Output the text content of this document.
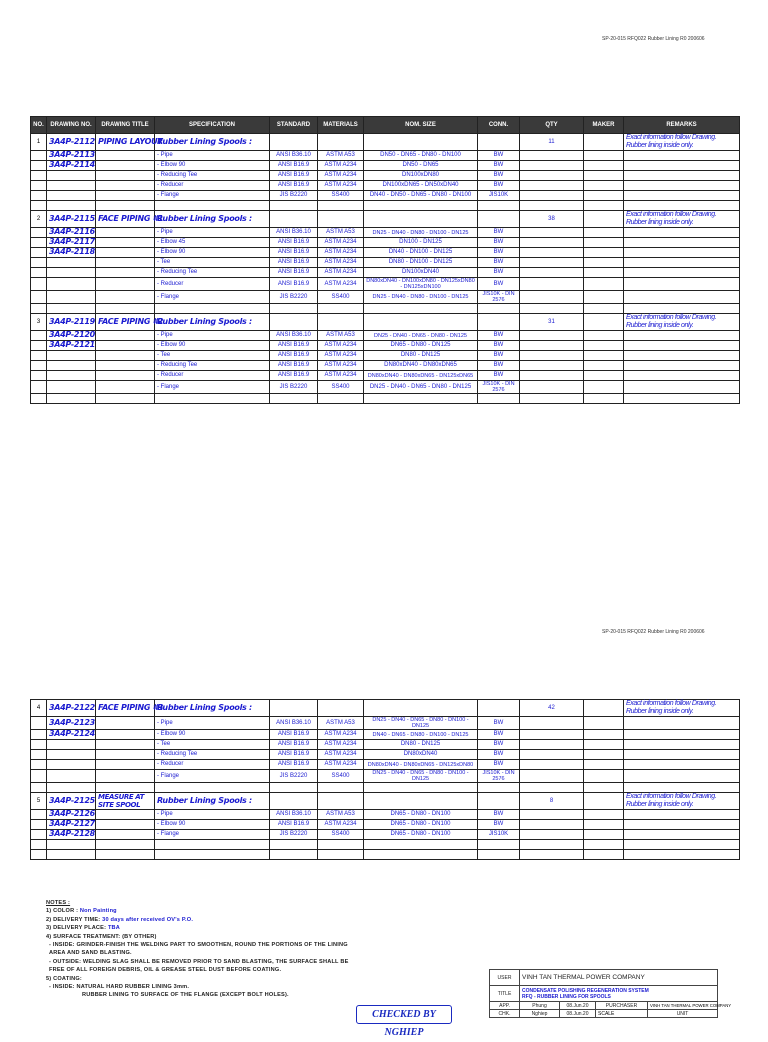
SP-20-015 RFQ022 Rubber Lining R0 200606
SP-20-015 RFQ022 Rubber Lining R0 200606
NO.	DRAWING NO.	DRAWING TITLE	SPECIFICATION	STANDARD	MATERIALS	NOM. SIZE	CONN.	QTY	MAKER	REMARKS
1	3A4P-2112	PIPING LAYOUT	Rubber Lining Spools :					11		Exact information follow Drawing. Rubber lining inside only.
	3A4P-2113		- Pipe	ANSI B36.10	ASTM A53	DN50 - DN65 - DN80 - DN100	BW			
	3A4P-2114		- Elbow 90	ANSI B16.9	ASTM A234	DN50 - DN65	BW			
			- Reducing Tee	ANSI B16.9	ASTM A234	DN100xDN80	BW			
			- Reducer	ANSI B16.9	ASTM A234	DN100xDN65 - DN50xDN40	BW			
			- Flange	JIS B2220	SS400	DN40 - DN50 - DN65 - DN80 - DN100	JIS10K			

2	3A4P-2115	FACE PIPING #1	Rubber Lining Spools :					38		Exact information follow Drawing. Rubber lining inside only.
	3A4P-2116		- Pipe	ANSI B36.10	ASTM A53	DN25 - DN40 - DN80 - DN100 - DN125	BW			
	3A4P-2117		- Elbow 45	ANSI B16.9	ASTM A234	DN100 - DN125	BW			
	3A4P-2118		- Elbow 90	ANSI B16.9	ASTM A234	DN40 - DN100 - DN125	BW			
			- Tee	ANSI B16.9	ASTM A234	DN80 - DN100 - DN125	BW			
			- Reducing Tee	ANSI B16.9	ASTM A234	DN100xDN40	BW			
			- Reducer	ANSI B16.9	ASTM A234	DN80xDN40 - DN100xDN80 - DN125xDN80 - DN125xDN100	BW			
			- Flange	JIS B2220	SS400	DN25 - DN40 - DN80 - DN100 - DN125	JIS10K - DIN 2576			

3	3A4P-2119	FACE PIPING #2	Rubber Lining Spools :					31		Exact information follow Drawing. Rubber lining inside only.
	3A4P-2120		- Pipe	ANSI B36.10	ASTM A53	DN25 - DN40 - DN65 - DN80 - DN125	BW			
	3A4P-2121		- Elbow 90	ANSI B16.9	ASTM A234	DN65 - DN80 - DN125	BW			
			- Tee	ANSI B16.9	ASTM A234	DN80 - DN125	BW			
			- Reducing Tee	ANSI B16.9	ASTM A234	DN80xDN40 - DN80xDN65	BW			
			- Reducer	ANSI B16.9	ASTM A234	DN80xDN40 - DN80xDN65 - DN125xDN65	BW			
			- Flange	JIS B2220	SS400	DN25 - DN40 - DN65 - DN80 - DN125	JIS10K - DIN 2576			

4	3A4P-2122	FACE PIPING #3	Rubber Lining Spools :					42		Exact information follow Drawing. Rubber lining inside only.
	3A4P-2123		- Pipe	ANSI B36.10	ASTM A53	DN25 - DN40 - DN65 - DN80 - DN100 - DN125	BW			
	3A4P-2124		- Elbow 90	ANSI B16.9	ASTM A234	DN40 - DN65 - DN80 - DN100 - DN125	BW			
			- Tee	ANSI B16.9	ASTM A234	DN80 - DN125	BW			
			- Reducing Tee	ANSI B16.9	ASTM A234	DN80xDN40	BW			
			- Reducer	ANSI B16.9	ASTM A234	DN80xDN40 - DN80xDN65 - DN125xDN80	BW			
			- Flange	JIS B2220	SS400	DN25 - DN40 - DN65 - DN80 - DN100 - DN125	JIS10K - DIN 2576			

5	3A4P-2125	MEASURE AT SITE SPOOL	Rubber Lining Spools :					8		Exact information follow Drawing. Rubber lining inside only.
	3A4P-2126		- Pipe	ANSI B36.10	ASTM A53	DN65 - DN80 - DN100	BW			
	3A4P-2127		- Elbow 90	ANSI B16.9	ASTM A234	DN65 - DN80 - DN100	BW			
	3A4P-2128		- Flange	JIS B2220	SS400	DN65 - DN80 - DN100	JIS10K			

NOTES :
1) COLOR : Non Painting
2) DELIVERY TIME: 30 days after received OV's P.O.
3) DELIVERY PLACE: TBA
4) SURFACE TREATMENT: (BY OTHER)
- INSIDE: GRINDER-FINISH THE WELDING PART TO SMOOTHEN, ROUND THE PORTIONS OF THE LINING AREA AND SAND BLASTING.
- OUTSIDE: WELDING SLAG SHALL BE REMOVED PRIOR TO SAND BLASTING, THE SURFACE SHALL BE FREE OF ALL FOREIGN DEBRIS, OIL & GREASE STEEL DUST BEFORE COATING.
5) COATING:
- INSIDE: NATURAL HARD RUBBER LINING 3mm.
RUBBER LINING TO SURFACE OF THE FLANGE (EXCEPT BOLT HOLES).
CHECKED BY NGHIEP
USER	VINH TAN THERMAL POWER COMPANY			
TITLE	CONDENSATE POLISHING REGENERATION SYSTEM
RFQ - RUBBER LINING FOR SPOOLS			

APP.	Phung	08.Jun.20	PURCHASER	VINH TAN THERMAL POWER COMPANY
CHK.	Nghiep	08.Jun.20	SCALE	UNIT
